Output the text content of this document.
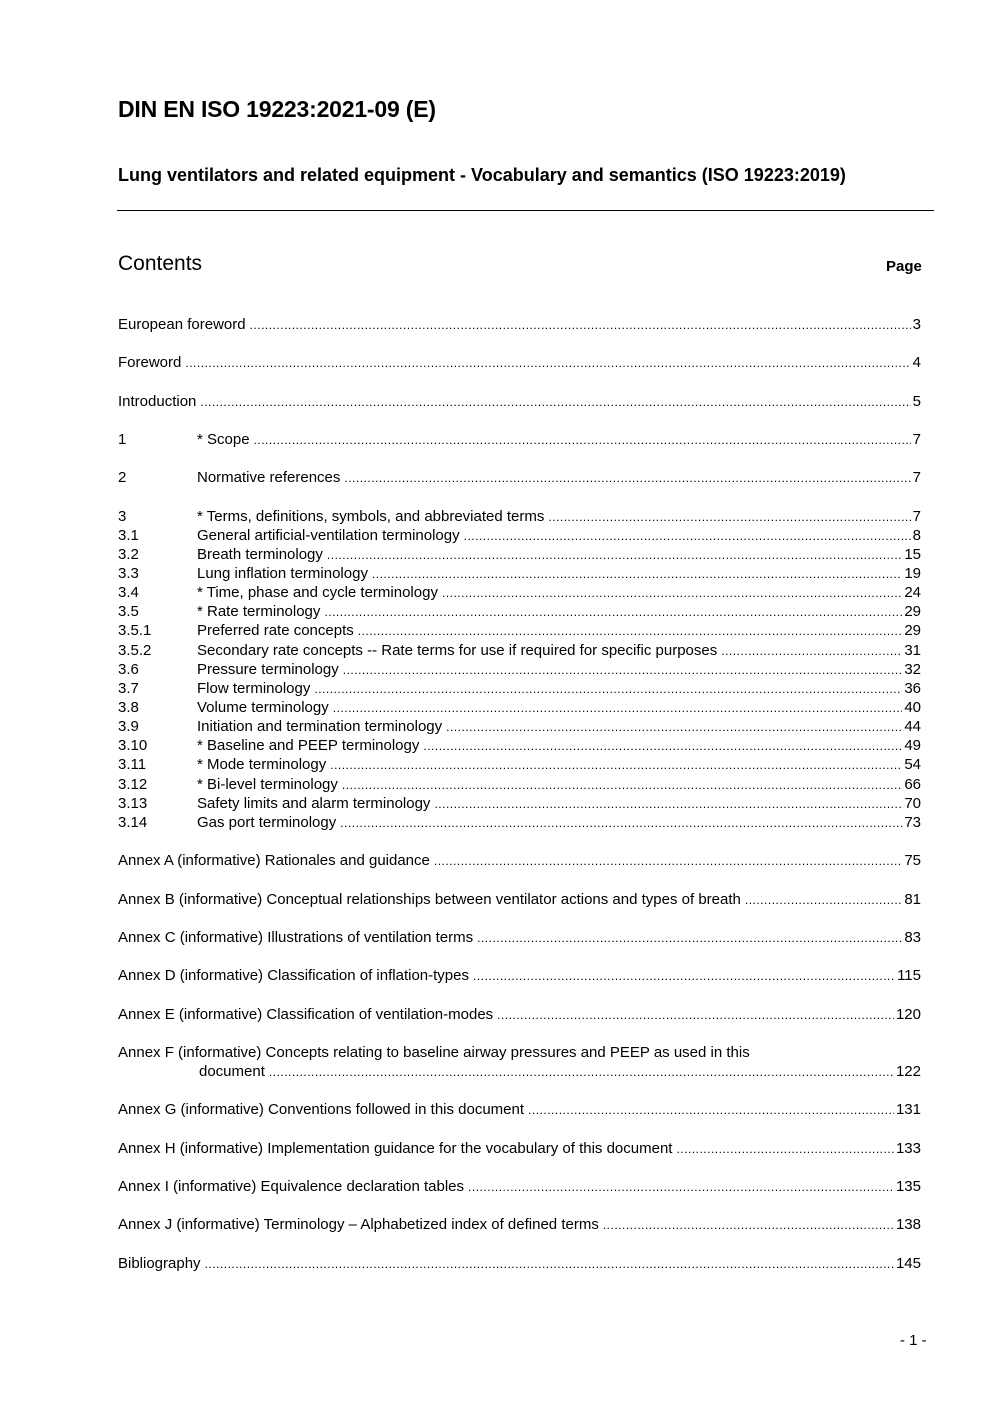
DIN EN ISO 19223:2021-09 (E)
Lung ventilators and related equipment - Vocabulary and semantics (ISO 19223:2019)
Contents	Page
European foreword .....	3
Foreword .....	4
Introduction .....	5
1	* Scope .....	7
2	Normative references .....	7
3	* Terms, definitions, symbols, and abbreviated terms .....	7
3.1	General artificial-ventilation terminology .....	8
3.2	Breath terminology .....	15
3.3	Lung inflation terminology .....	19
3.4	* Time, phase and cycle terminology .....	24
3.5	* Rate terminology .....	29
3.5.1	Preferred rate concepts .....	29
3.5.2	Secondary rate concepts -- Rate terms for use if required for specific purposes .....	31
3.6	Pressure terminology .....	32
3.7	Flow terminology .....	36
3.8	Volume terminology .....	40
3.9	Initiation and termination terminology .....	44
3.10	* Baseline and PEEP terminology .....	49
3.11	* Mode terminology .....	54
3.12	* Bi-level terminology .....	66
3.13	Safety limits and alarm terminology .....	70
3.14	Gas port terminology .....	73
Annex A (informative) Rationales and guidance .....	75
Annex B (informative) Conceptual relationships between ventilator actions and types of breath .....	81
Annex C (informative) Illustrations of ventilation terms .....	83
Annex D (informative) Classification of inflation-types .....	115
Annex E (informative) Classification of ventilation-modes .....	120
Annex F (informative) Concepts relating to baseline airway pressures and PEEP as used in this
document .....	122
Annex G (informative) Conventions followed in this document .....	131
Annex H (informative) Implementation guidance for the vocabulary of this document .....	133
Annex I (informative) Equivalence declaration tables .....	135
Annex J (informative) Terminology – Alphabetized index of defined terms .....	138
Bibliography .....	145
- 1 -
